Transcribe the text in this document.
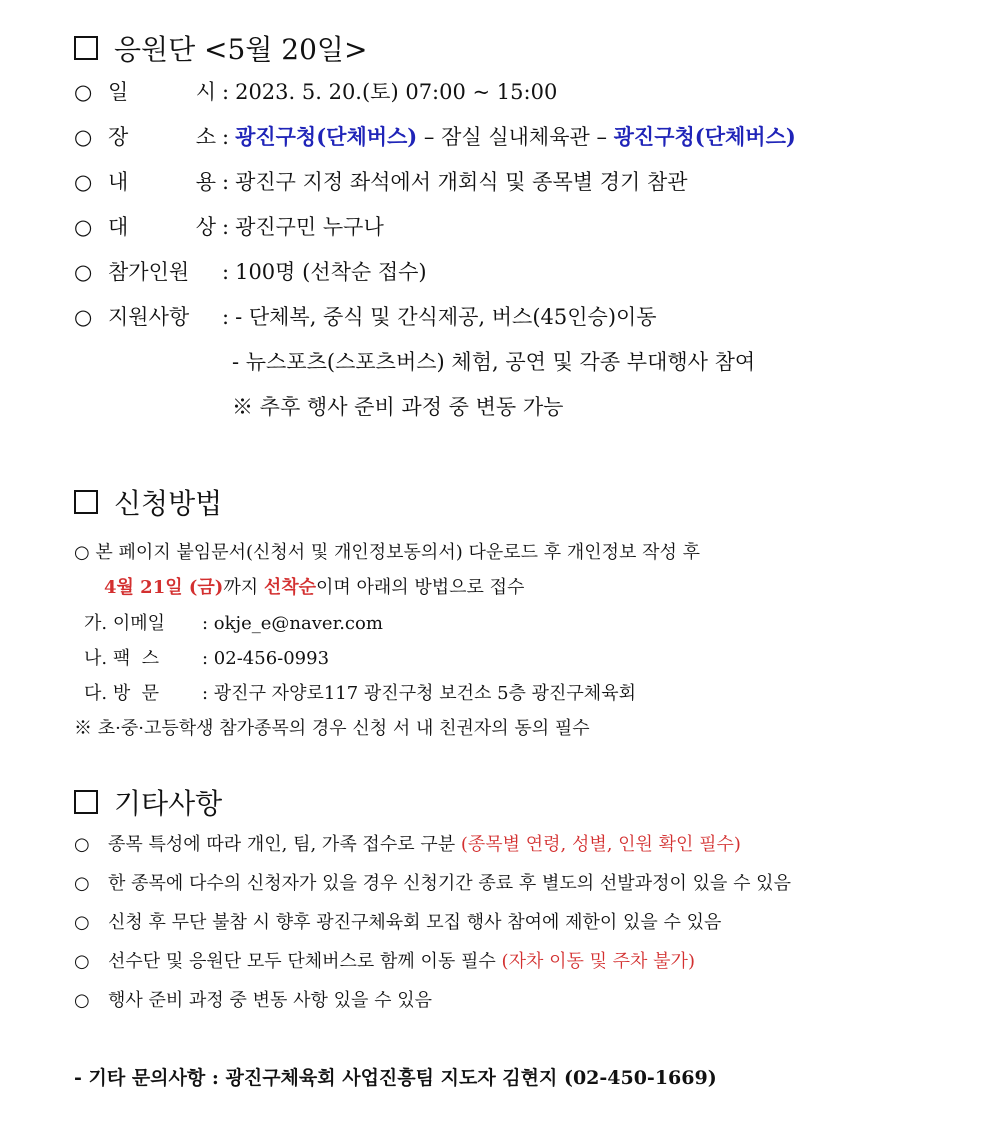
응원단 <5월 20일>
○ 일	시 : 2023. 5. 20.(토) 07:00 ~ 15:00
○ 장	소 : 광진구청(단체버스) – 잠실 실내체육관 – 광진구청(단체버스)
○ 내	용 : 광진구 지정 좌석에서 개회식 및 종목별 경기 참관
○ 대	상 : 광진구민 누구나
○ 참가인원 : 100명 (선착순 접수)
○ 지원사항 : - 단체복, 중식 및 간식제공, 버스(45인승)이동
- 뉴스포츠(스포츠버스) 체험, 공연 및 각종 부대행사 참여
※ 추후 행사 준비 과정 중 변동 가능
신청방법
○ 본 페이지 붙임문서(신청서 및 개인정보동의서) 다운로드 후 개인정보 작성 후
4월 21일 (금)까지 선착순이며 아래의 방법으로 접수
가. 이메일 : okje_e@naver.com
나. 팩  스 : 02-456-0993
다. 방  문 : 광진구 자양로117 광진구청 보건소 5층 광진구체육회
※ 초·중·고등학생 참가종목의 경우 신청 서 내 친권자의 동의 필수
기타사항
○ 종목 특성에 따라 개인, 팀, 가족 접수로 구분 (종목별 연령, 성별, 인원 확인 필수)
○ 한 종목에 다수의 신청자가 있을 경우 신청기간 종료 후 별도의 선발과정이 있을 수 있음
○ 신청 후 무단 불참 시 향후 광진구체육회 모집 행사 참여에 제한이 있을 수 있음
○ 선수단 및 응원단 모두 단체버스로 함께 이동 필수 (자차 이동 및 주차 불가)
○ 행사 준비 과정 중 변동 사항 있을 수 있음
- 기타 문의사항 : 광진구체육회 사업진흥팀 지도자 김현지 (02-450-1669)
